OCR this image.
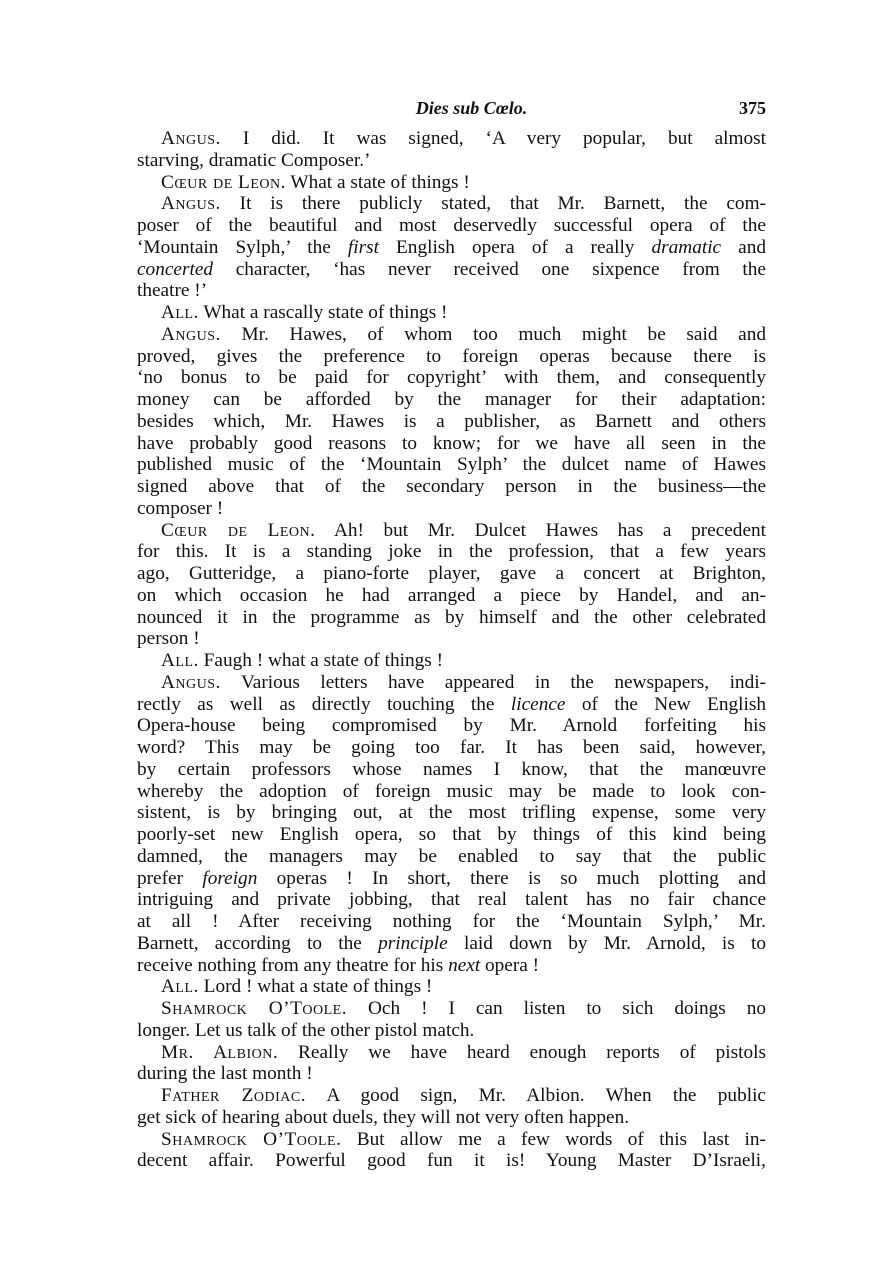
Dies sub Cœlo.	375
Angus. I did. It was signed, ‘A very popular, but almost
starving, dramatic Composer.’
Cœur de Leon. What a state of things !
Angus. It is there publicly stated, that Mr. Barnett, the com-
poser of the beautiful and most deservedly successful opera of the
‘Mountain Sylph,’ the first English opera of a really dramatic and
concerted character, ‘has never received one sixpence from the
theatre !’
All. What a rascally state of things !
Angus. Mr. Hawes, of whom too much might be said and
proved, gives the preference to foreign operas because there is
‘no bonus to be paid for copyright’ with them, and consequently
money can be afforded by the manager for their adaptation:
besides which, Mr. Hawes is a publisher, as Barnett and others
have probably good reasons to know; for we have all seen in the
published music of the ‘Mountain Sylph’ the dulcet name of Hawes
signed above that of the secondary person in the business—the
composer !
Cœur de Leon. Ah! but Mr. Dulcet Hawes has a precedent
for this. It is a standing joke in the profession, that a few years
ago, Gutteridge, a piano-forte player, gave a concert at Brighton,
on which occasion he had arranged a piece by Handel, and an-
nounced it in the programme as by himself and the other celebrated
person !
All. Faugh ! what a state of things !
Angus. Various letters have appeared in the newspapers, indi-
rectly as well as directly touching the licence of the New English
Opera-house being compromised by Mr. Arnold forfeiting his
word? This may be going too far. It has been said, however,
by certain professors whose names I know, that the manœuvre
whereby the adoption of foreign music may be made to look con-
sistent, is by bringing out, at the most trifling expense, some very
poorly-set new English opera, so that by things of this kind being
damned, the managers may be enabled to say that the public
prefer foreign operas ! In short, there is so much plotting and
intriguing and private jobbing, that real talent has no fair chance
at all ! After receiving nothing for the ‘Mountain Sylph,’ Mr.
Barnett, according to the principle laid down by Mr. Arnold, is to
receive nothing from any theatre for his next opera !
All. Lord ! what a state of things !
Shamrock O’Toole. Och ! I can listen to sich doings no
longer. Let us talk of the other pistol match.
Mr. Albion. Really we have heard enough reports of pistols
during the last month !
Father Zodiac. A good sign, Mr. Albion. When the public
get sick of hearing about duels, they will not very often happen.
Shamrock O’Toole. But allow me a few words of this last in-
decent affair. Powerful good fun it is! Young Master D’Israeli,
